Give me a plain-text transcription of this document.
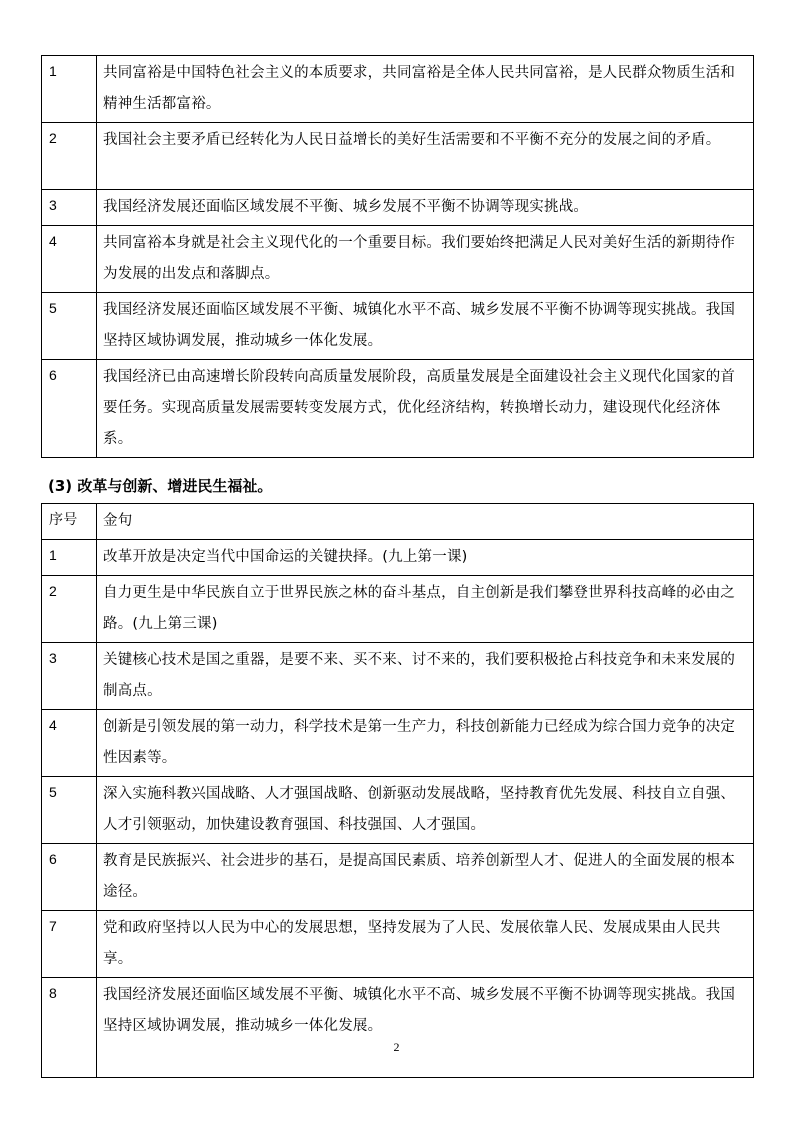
1	共同富裕是中国特色社会主义的本质要求，共同富裕是全体人民共同富裕，是人民群众物质生活和精神生活都富裕。
2	我国社会主要矛盾已经转化为人民日益增长的美好生活需要和不平衡不充分的发展之间的矛盾。
3	我国经济发展还面临区域发展不平衡、城乡发展不平衡不协调等现实挑战。
4	共同富裕本身就是社会主义现代化的一个重要目标。我们要始终把满足人民对美好生活的新期待作为发展的出发点和落脚点。
5	我国经济发展还面临区域发展不平衡、城镇化水平不高、城乡发展不平衡不协调等现实挑战。我国坚持区域协调发展，推动城乡一体化发展。
6	我国经济已由高速增长阶段转向高质量发展阶段，高质量发展是全面建设社会主义现代化国家的首要任务。实现高质量发展需要转变发展方式，优化经济结构，转换增长动力，建设现代化经济体系。
(3) 改革与创新、增进民生福祉。
序号	金句
1	改革开放是决定当代中国命运的关键抉择。(九上第一课)
2	自力更生是中华民族自立于世界民族之林的奋斗基点，自主创新是我们攀登世界科技高峰的必由之路。(九上第三课)
3	关键核心技术是国之重器，是要不来、买不来、讨不来的，我们要积极抢占科技竞争和未来发展的制高点。
4	创新是引领发展的第一动力，科学技术是第一生产力，科技创新能力已经成为综合国力竞争的决定性因素等。
5	深入实施科教兴国战略、人才强国战略、创新驱动发展战略，坚持教育优先发展、科技自立自强、人才引领驱动，加快建设教育强国、科技强国、人才强国。
6	教育是民族振兴、社会进步的基石，是提高国民素质、培养创新型人才、促进人的全面发展的根本途径。
7	党和政府坚持以人民为中心的发展思想，坚持发展为了人民、发展依靠人民、发展成果由人民共享。
8	我国经济发展还面临区域发展不平衡、城镇化水平不高、城乡发展不平衡不协调等现实挑战。我国坚持区域协调发展，推动城乡一体化发展。
2
